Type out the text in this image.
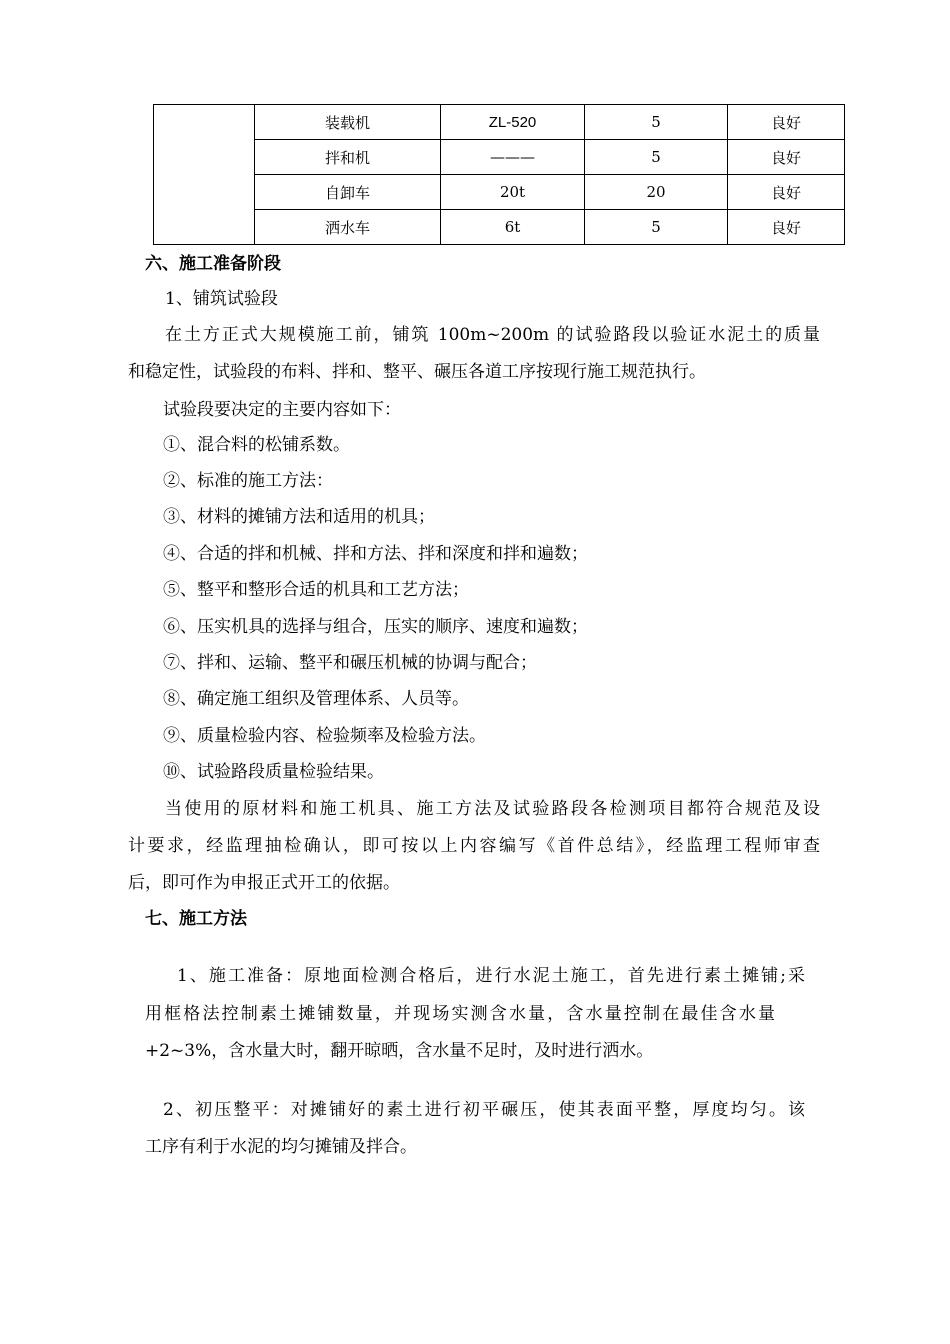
	装载机	ZL-520	5	良好
	拌和机	———	5	良好
	自卸车	20t	20	良好
	洒水车	6t	5	良好
六、施工准备阶段
1、铺筑试验段
在土方正式大规模施工前，铺筑 100m~200m 的试验路段以验证水泥土的质量
和稳定性，试验段的布料、拌和、整平、碾压各道工序按现行施工规范执行。
试验段要决定的主要内容如下：
①、混合料的松铺系数。
②、标准的施工方法：
③、材料的摊铺方法和适用的机具；
④、合适的拌和机械、拌和方法、拌和深度和拌和遍数；
⑤、整平和整形合适的机具和工艺方法；
⑥、压实机具的选择与组合，压实的顺序、速度和遍数；
⑦、拌和、运输、整平和碾压机械的协调与配合；
⑧、确定施工组织及管理体系、人员等。
⑨、质量检验内容、检验频率及检验方法。
⑩、试验路段质量检验结果。
当使用的原材料和施工机具、施工方法及试验路段各检测项目都符合规范及设
计要求，经监理抽检确认，即可按以上内容编写《首件总结》，经监理工程师审查
后，即可作为申报正式开工的依据。
七、施工方法
1、施工准备：原地面检测合格后，进行水泥土施工，首先进行素土摊铺;采
用框格法控制素土摊铺数量，并现场实测含水量，含水量控制在最佳含水量
+2~3%，含水量大时，翻开晾晒，含水量不足时，及时进行洒水。
2、初压整平：对摊铺好的素土进行初平碾压，使其表面平整，厚度均匀。该
工序有利于水泥的均匀摊铺及拌合。
